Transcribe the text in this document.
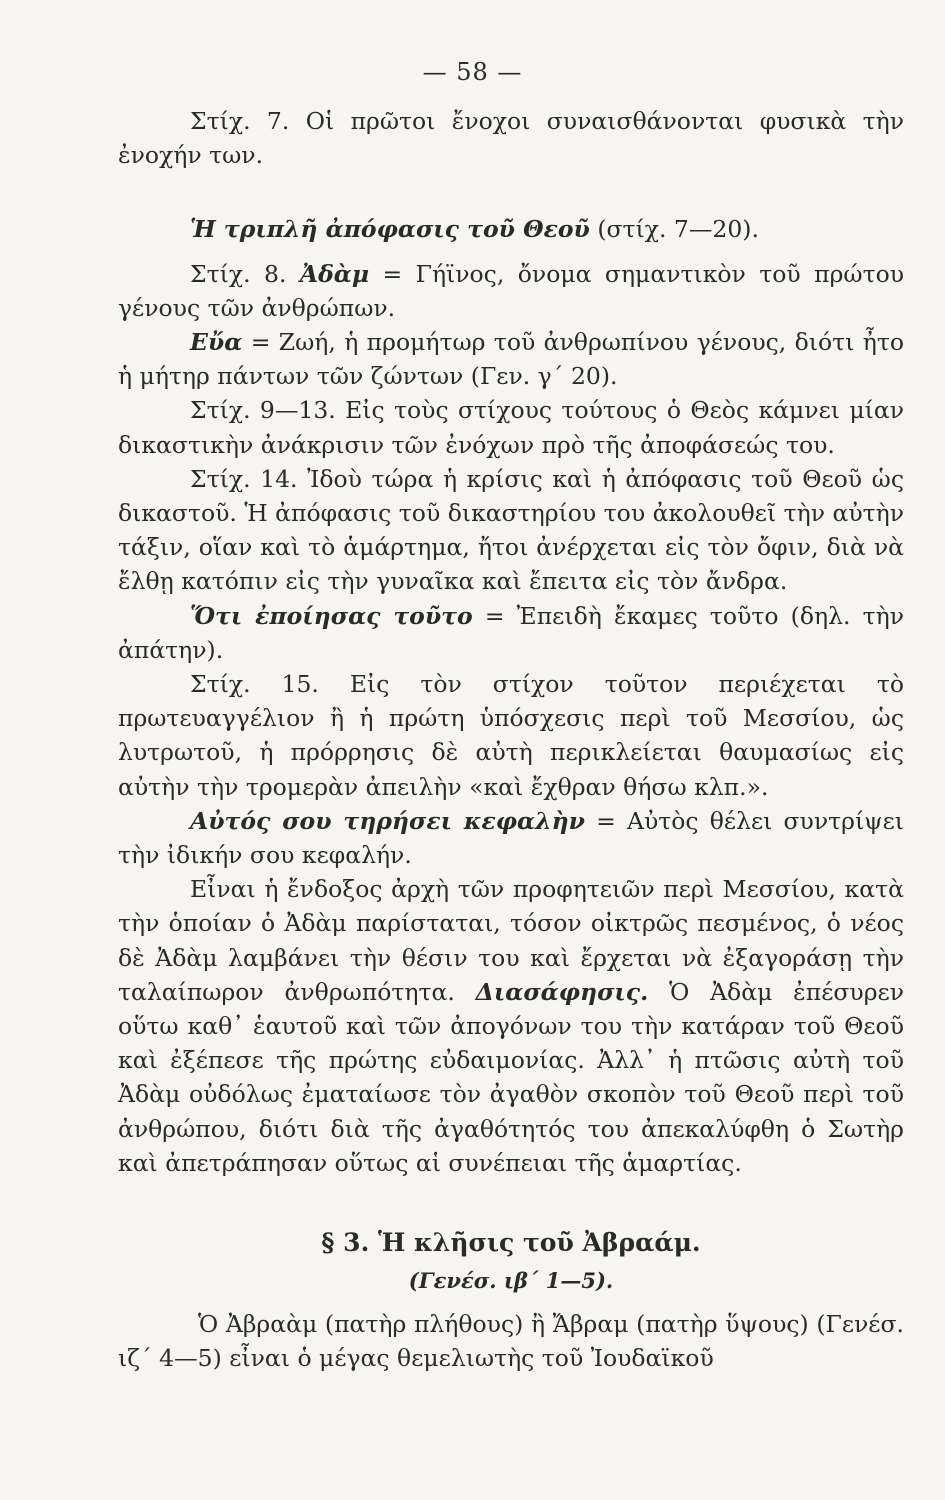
— 58 —

Στίχ. 7. Οἱ πρῶτοι ἔνοχοι συναισθάνονται φυσικὰ τὴν ἐνοχήν των.

Ἡ τριπλῆ ἀπόφασις τοῦ Θεοῦ (στίχ. 7—20).

Στίχ. 8. Ἀδὰμ = Γήϊνος, ὄνομα σημαντικὸν τοῦ πρώτου γένους τῶν ἀνθρώπων.

Εὔα = Ζωή, ἡ προμήτωρ τοῦ ἀνθρωπίνου γένους, διότι ἦτο ἡ μήτηρ πάντων τῶν ζώντων (Γεν. γ΄ 20).

Στίχ. 9—13. Εἰς τοὺς στίχους τούτους ὁ Θεὸς κάμνει μίαν δικαστικὴν ἀνάκρισιν τῶν ἐνόχων πρὸ τῆς ἀποφάσεώς του.

Στίχ. 14. Ἰδοὺ τώρα ἡ κρίσις καὶ ἡ ἀπόφασις τοῦ Θεοῦ ὡς δικαστοῦ. Ἡ ἀπόφασις τοῦ δικαστηρίου του ἀκολουθεῖ τὴν αὐτὴν τάξιν, οἵαν καὶ τὸ ἁμάρτημα, ἤτοι ἀνέρχεται εἰς τὸν ὄφιν, διὰ νὰ ἔλθῃ κατόπιν εἰς τὴν γυναῖκα καὶ ἔπειτα εἰς τὸν ἄνδρα.

Ὅτι ἐποίησας τοῦτο = Ἐπειδὴ ἔκαμες τοῦτο (δηλ. τὴν ἀπάτην).

Στίχ. 15. Εἰς τὸν στίχον τοῦτον περιέχεται τὸ πρωτευαγγέλιον ἢ ἡ πρώτη ὑπόσχεσις περὶ τοῦ Μεσσίου, ὡς λυτρωτοῦ, ἡ πρόρρησις δὲ αὐτὴ περικλείεται θαυμασίως εἰς αὐτὴν τὴν τρομερὰν ἀπειλὴν «καὶ ἔχθραν θήσω κλπ.».

Αὐτός σου τηρήσει κεφαλὴν = Αὐτὸς θέλει συντρίψει τὴν ἰδικήν σου κεφαλήν.

Εἶναι ἡ ἔνδοξος ἀρχὴ τῶν προφητειῶν περὶ Μεσσίου, κατὰ τὴν ὁποίαν ὁ Ἀδὰμ παρίσταται, τόσον οἰκτρῶς πεσμένος, ὁ νέος δὲ Ἀδὰμ λαμβάνει τὴν θέσιν του καὶ ἔρχεται νὰ ἐξαγοράσῃ τὴν ταλαίπωρον ἀνθρωπότητα. Διασάφησις. Ὁ Ἀδὰμ ἐπέσυρεν οὕτω καθ᾽ ἑαυτοῦ καὶ τῶν ἀπογόνων του τὴν κατάραν τοῦ Θεοῦ καὶ ἐξέπεσε τῆς πρώτης εὐδαιμονίας. Ἀλλ᾽ ἡ πτῶσις αὐτὴ τοῦ Ἀδὰμ οὐδόλως ἐματαίωσε τὸν ἀγαθὸν σκοπὸν τοῦ Θεοῦ περὶ τοῦ ἀνθρώπου, διότι διὰ τῆς ἀγαθότητός του ἀπεκαλύφθη ὁ Σωτὴρ καὶ ἀπετράπησαν οὕτως αἱ συνέπειαι τῆς ἁμαρτίας.

§ 3. Ἡ κλῆσις τοῦ Ἀβραάμ.

(Γενέσ. ιβ΄ 1—5).

Ὁ Ἀβραὰμ (πατὴρ πλήθους) ἢ Ἄβραμ (πατὴρ ὕψους) (Γενέσ. ιζ΄ 4—5) εἶναι ὁ μέγας θεμελιωτὴς τοῦ Ἰουδαϊκοῦ
